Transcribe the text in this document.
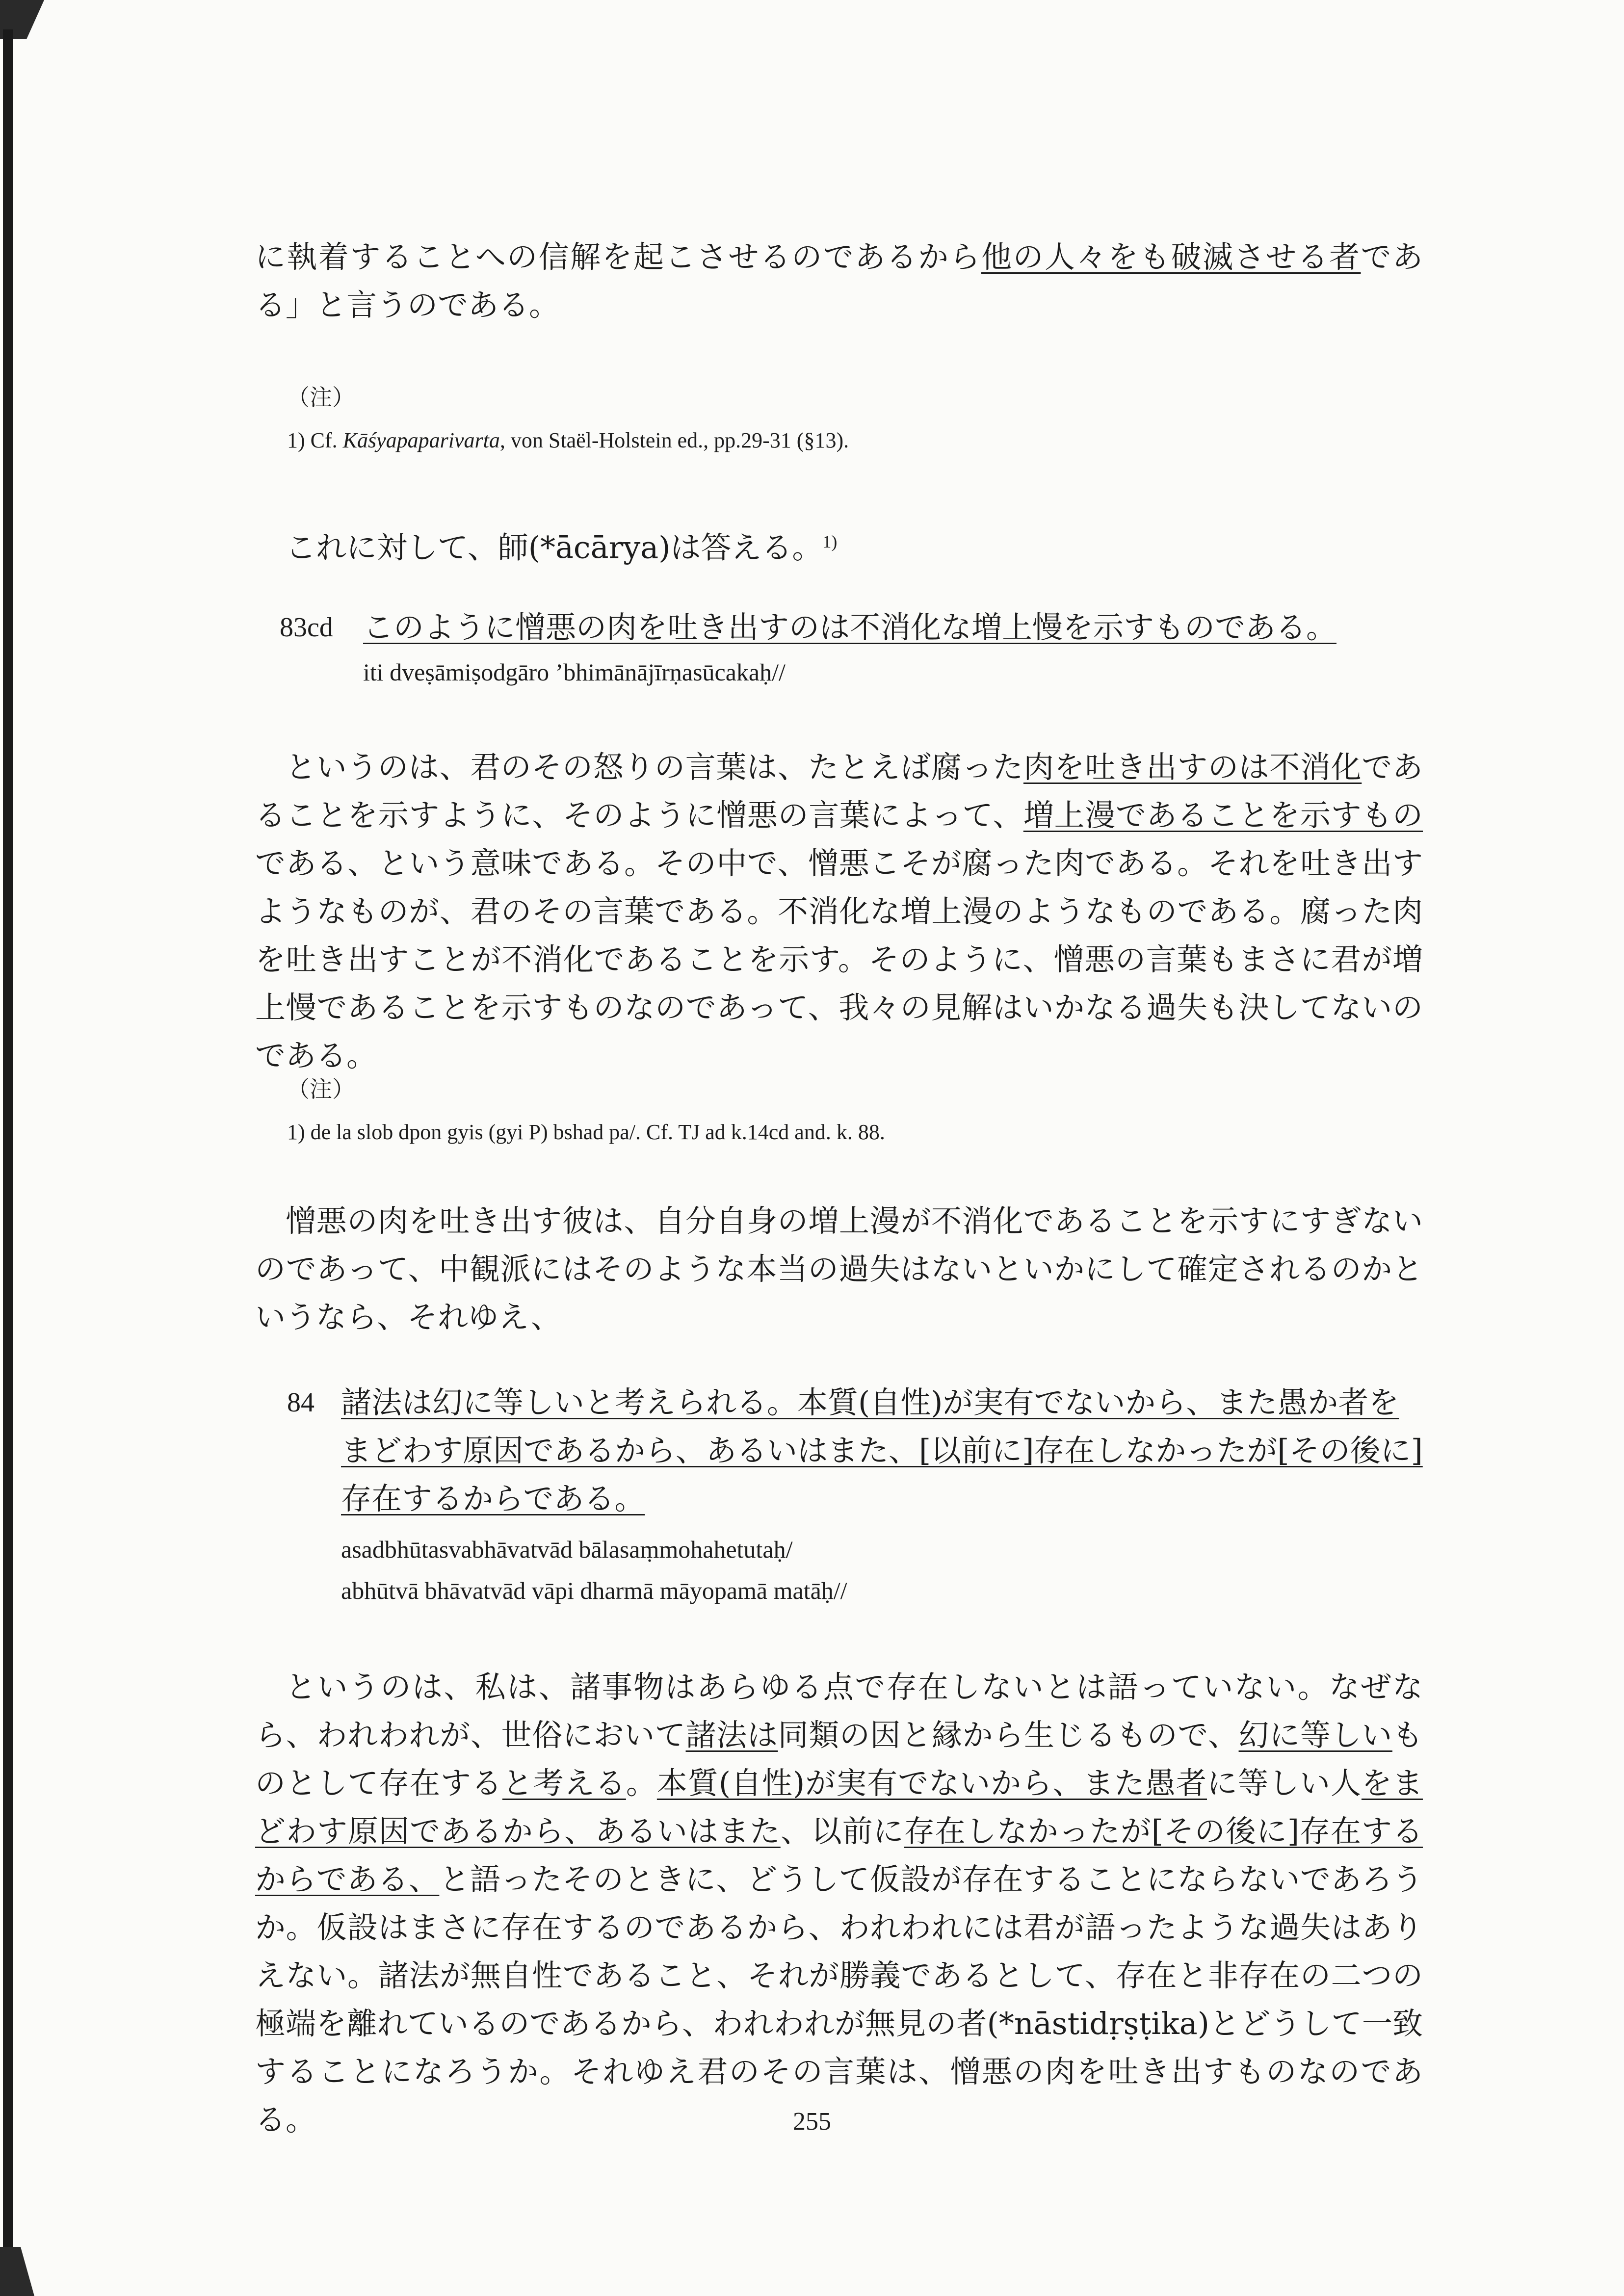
に執着することへの信解を起こさせるのであるから他の人々をも破滅させる者である」と言うのである。

（注）
1) Cf. Kāśyapaparivarta, von Staël-Holstein ed., pp.29-31 (§13).

これに対して、師(*ācārya)は答える。$^{1)}$

83cd このように憎悪の肉を吐き出すのは不消化な増上慢を示すものである。

iti dveṣāmiṣodgāro ’bhimānājīrṇasūcakaḥ//

というのは、君のその怒りの言葉は、たとえば腐った肉を吐き出すのは不消化であることを示すように、そのように憎悪の言葉によって、増上漫であることを示すものである、という意味である。その中で、憎悪こそが腐った肉である。それを吐き出すようなものが、君のその言葉である。不消化な増上漫のようなものである。腐った肉を吐き出すことが不消化であることを示す。そのように、憎悪の言葉もまさに君が増上慢であることを示すものなのであって、我々の見解はいかなる過失も決してないのである。

（注）
1) de la slob dpon gyis (gyi P) bshad pa/. Cf. TJ ad k.14cd and. k. 88.

憎悪の肉を吐き出す彼は、自分自身の増上漫が不消化であることを示すにすぎないのであって、中観派にはそのような本当の過失はないといかにして確定されるのかというなら、それゆえ、

84 諸法は幻に等しいと考えられる。本質(自性)が実有でないから、また愚か者をまどわす原因であるから、あるいはまた、[以前に]存在しなかったが[その後に]存在するからである。

asadbhūtasvabhāvatvād bālasaṃmohahetutaḥ/

abhūtvā bhāvatvād vāpi dharmā māyopamā matāḥ//

というのは、私は、諸事物はあらゆる点で存在しないとは語っていない。なぜなら、われわれが、世俗において諸法は同類の因と縁から生じるもので、幻に等しいものとして存在すると考える。本質(自性)が実有でないから、また愚者に等しい人をまどわす原因であるから、あるいはまた、以前に存在しなかったが[その後に]存在するからである、と語ったそのときに、どうして仮設が存在することにならないであろうか。仮設はまさに存在するのであるから、われわれには君が語ったような過失はありえない。諸法が無自性であること、それが勝義であるとして、存在と非存在の二つの極端を離れているのであるから、われわれが無見の者(*nāstidṛṣṭika)とどうして一致することになろうか。それゆえ君のその言葉は、憎悪の肉を吐き出すものなのである。	255
